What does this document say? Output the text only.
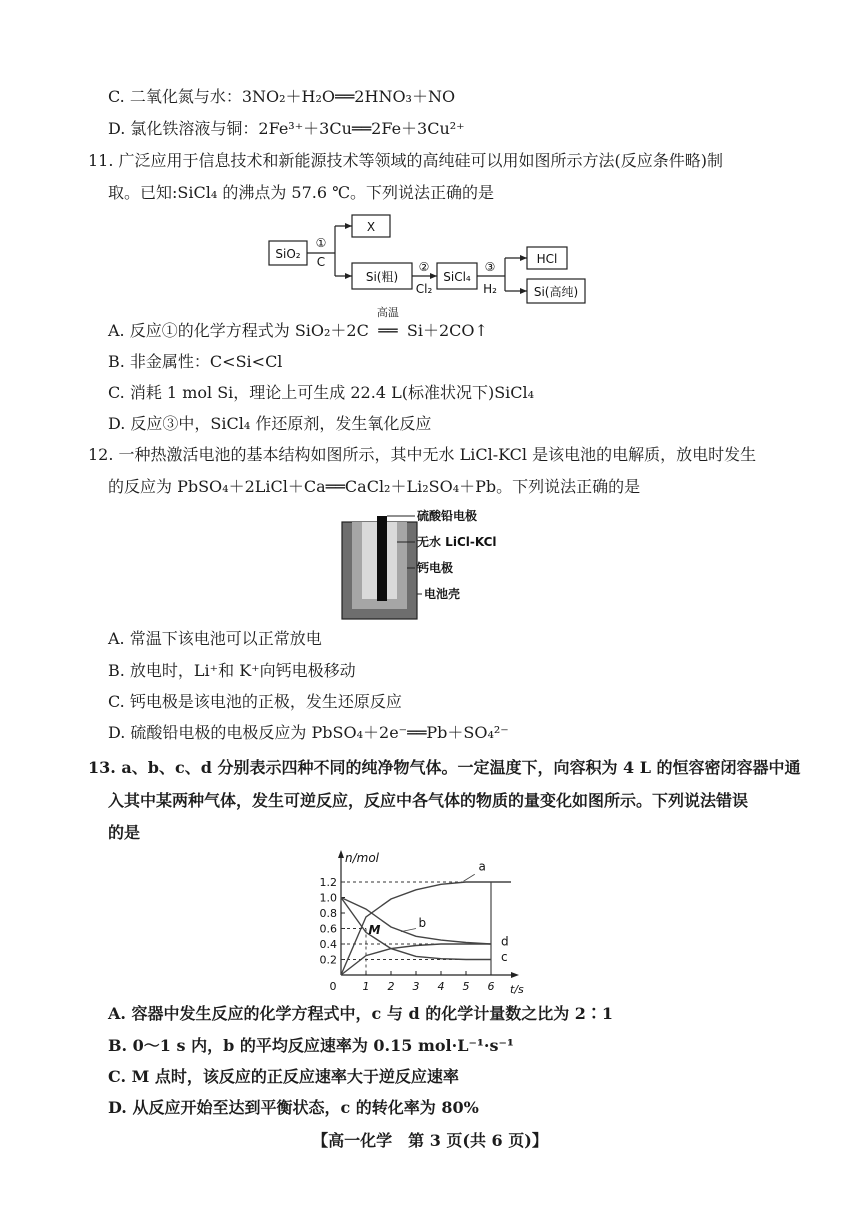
C. 二氧化氮与水：3NO₂＋H₂O══2HNO₃＋NO
D. 氯化铁溶液与铜：2Fe³⁺＋3Cu══2Fe＋3Cu²⁺
11. 广泛应用于信息技术和新能源技术等领域的高纯硅可以用如图所示方法(反应条件略)制
取。已知:SiCl₄ 的沸点为 57.6 ℃。下列说法正确的是
SiO₂
①
C
X
Si(粗)
②
Cl₂
SiCl₄
③
H₂
HCl
Si(高纯)
A. 反应①的化学方程式为 SiO₂＋2C
高温
══ Si＋2CO↑
B. 非金属性：C<Si<Cl
C. 消耗 1 mol Si，理论上可生成 22.4 L(标准状况下)SiCl₄
D. 反应③中，SiCl₄ 作还原剂，发生氧化反应
12. 一种热激活电池的基本结构如图所示，其中无水 LiCl-KCl 是该电池的电解质，放电时发生
的反应为 PbSO₄＋2LiCl＋Ca══CaCl₂＋Li₂SO₄＋Pb。下列说法正确的是
硫酸铅电极
无水 LiCl-KCl
钙电极
电池壳
A. 常温下该电池可以正常放电
B. 放电时，Li⁺和 K⁺向钙电极移动
C. 钙电极是该电池的正极，发生还原反应
D. 硫酸铅电极的电极反应为 PbSO₄＋2e⁻══Pb＋SO₄²⁻
13. a、b、c、d 分别表示四种不同的纯净物气体。一定温度下，向容积为 4 L 的恒容密闭容器中通
入其中某两种气体，发生可逆反应，反应中各气体的物质的量变化如图所示。下列说法错误
的是
n/mol
t/s
0
0.2
0.4
0.6
0.8
1.0
1.2
1 2 3 4 5 6
a
b
c
d
M
A. 容器中发生反应的化学方程式中，c 与 d 的化学计量数之比为 2∶1
B. 0～1 s 内，b 的平均反应速率为 0.15 mol·L⁻¹·s⁻¹
C. M 点时，该反应的正反应速率大于逆反应速率
D. 从反应开始至达到平衡状态，c 的转化率为 80%
【高一化学　第 3 页(共 6 页)】
